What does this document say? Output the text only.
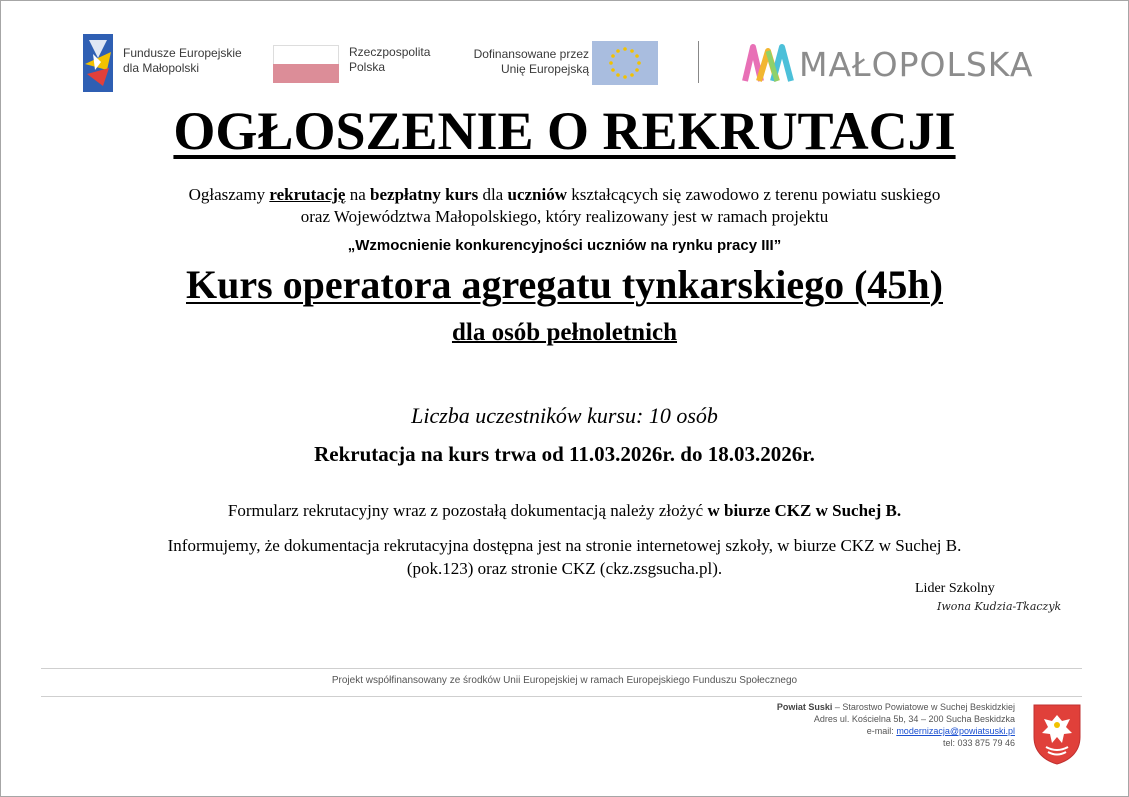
Fundusze Europejskie
dla Małopolski
Rzeczpospolita
Polska
Dofinansowane przez
Unię Europejską	MAŁOPOLSKA
OGŁOSZENIE O REKRUTACJI
Ogłaszamy rekrutację na bezpłatny kurs dla uczniów kształcących się zawodowo z terenu powiatu suskiego
oraz Województwa Małopolskiego, który realizowany jest w ramach projektu
„Wzmocnienie konkurencyjności uczniów na rynku pracy III”
Kurs operatora agregatu tynkarskiego (45h)
dla osób pełnoletnich
Liczba uczestników kursu: 10 osób
Rekrutacja na kurs trwa od 11.03.2026r. do 18.03.2026r.
Formularz rekrutacyjny wraz z pozostałą dokumentacją należy złożyć w biurze CKZ w Suchej B.
Informujemy, że dokumentacja rekrutacyjna dostępna jest na stronie internetowej szkoły, w biurze CKZ w Suchej B.
(pok.123) oraz stronie CKZ (ckz.zsgsucha.pl).
Lider Szkolny
Iwona Kudzia-Tkaczyk
Projekt współfinansowany ze środków Unii Europejskiej w ramach Europejskiego Funduszu Społecznego
Powiat Suski – Starostwo Powiatowe w Suchej Beskidzkiej
Adres ul. Kościelna 5b, 34 – 200 Sucha Beskidzka
e-mail: modernizacja@powiatsuski.pl
tel: 033 875 79 46
